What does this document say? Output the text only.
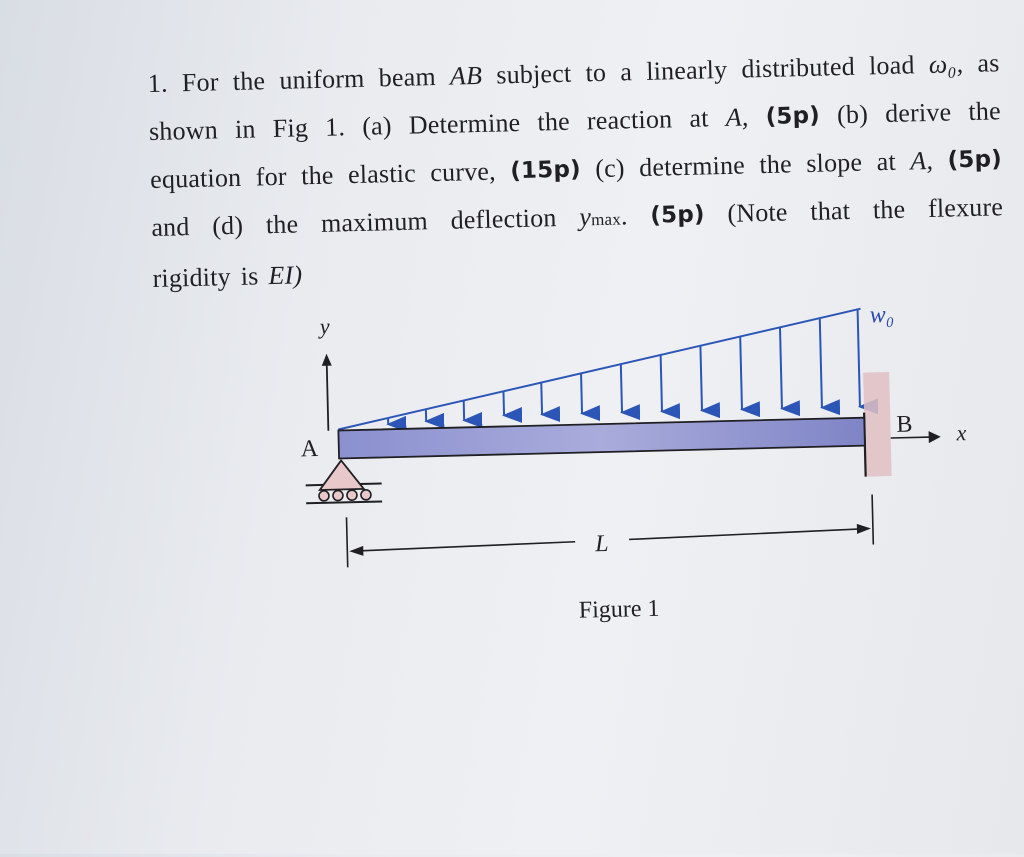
1. For the uniform beam AB subject to a linearly distributed load ω₀, as
shown in Fig 1. (a) Determine the reaction at A, (5p) (b) derive the
equation for the elastic curve, (15p) (c) determine the slope at A, (5p)
and (d) the maximum deflection ymax. (5p) (Note that the flexure
rigidity is EI)
y	w₀
A
B x
L
Figure 1
